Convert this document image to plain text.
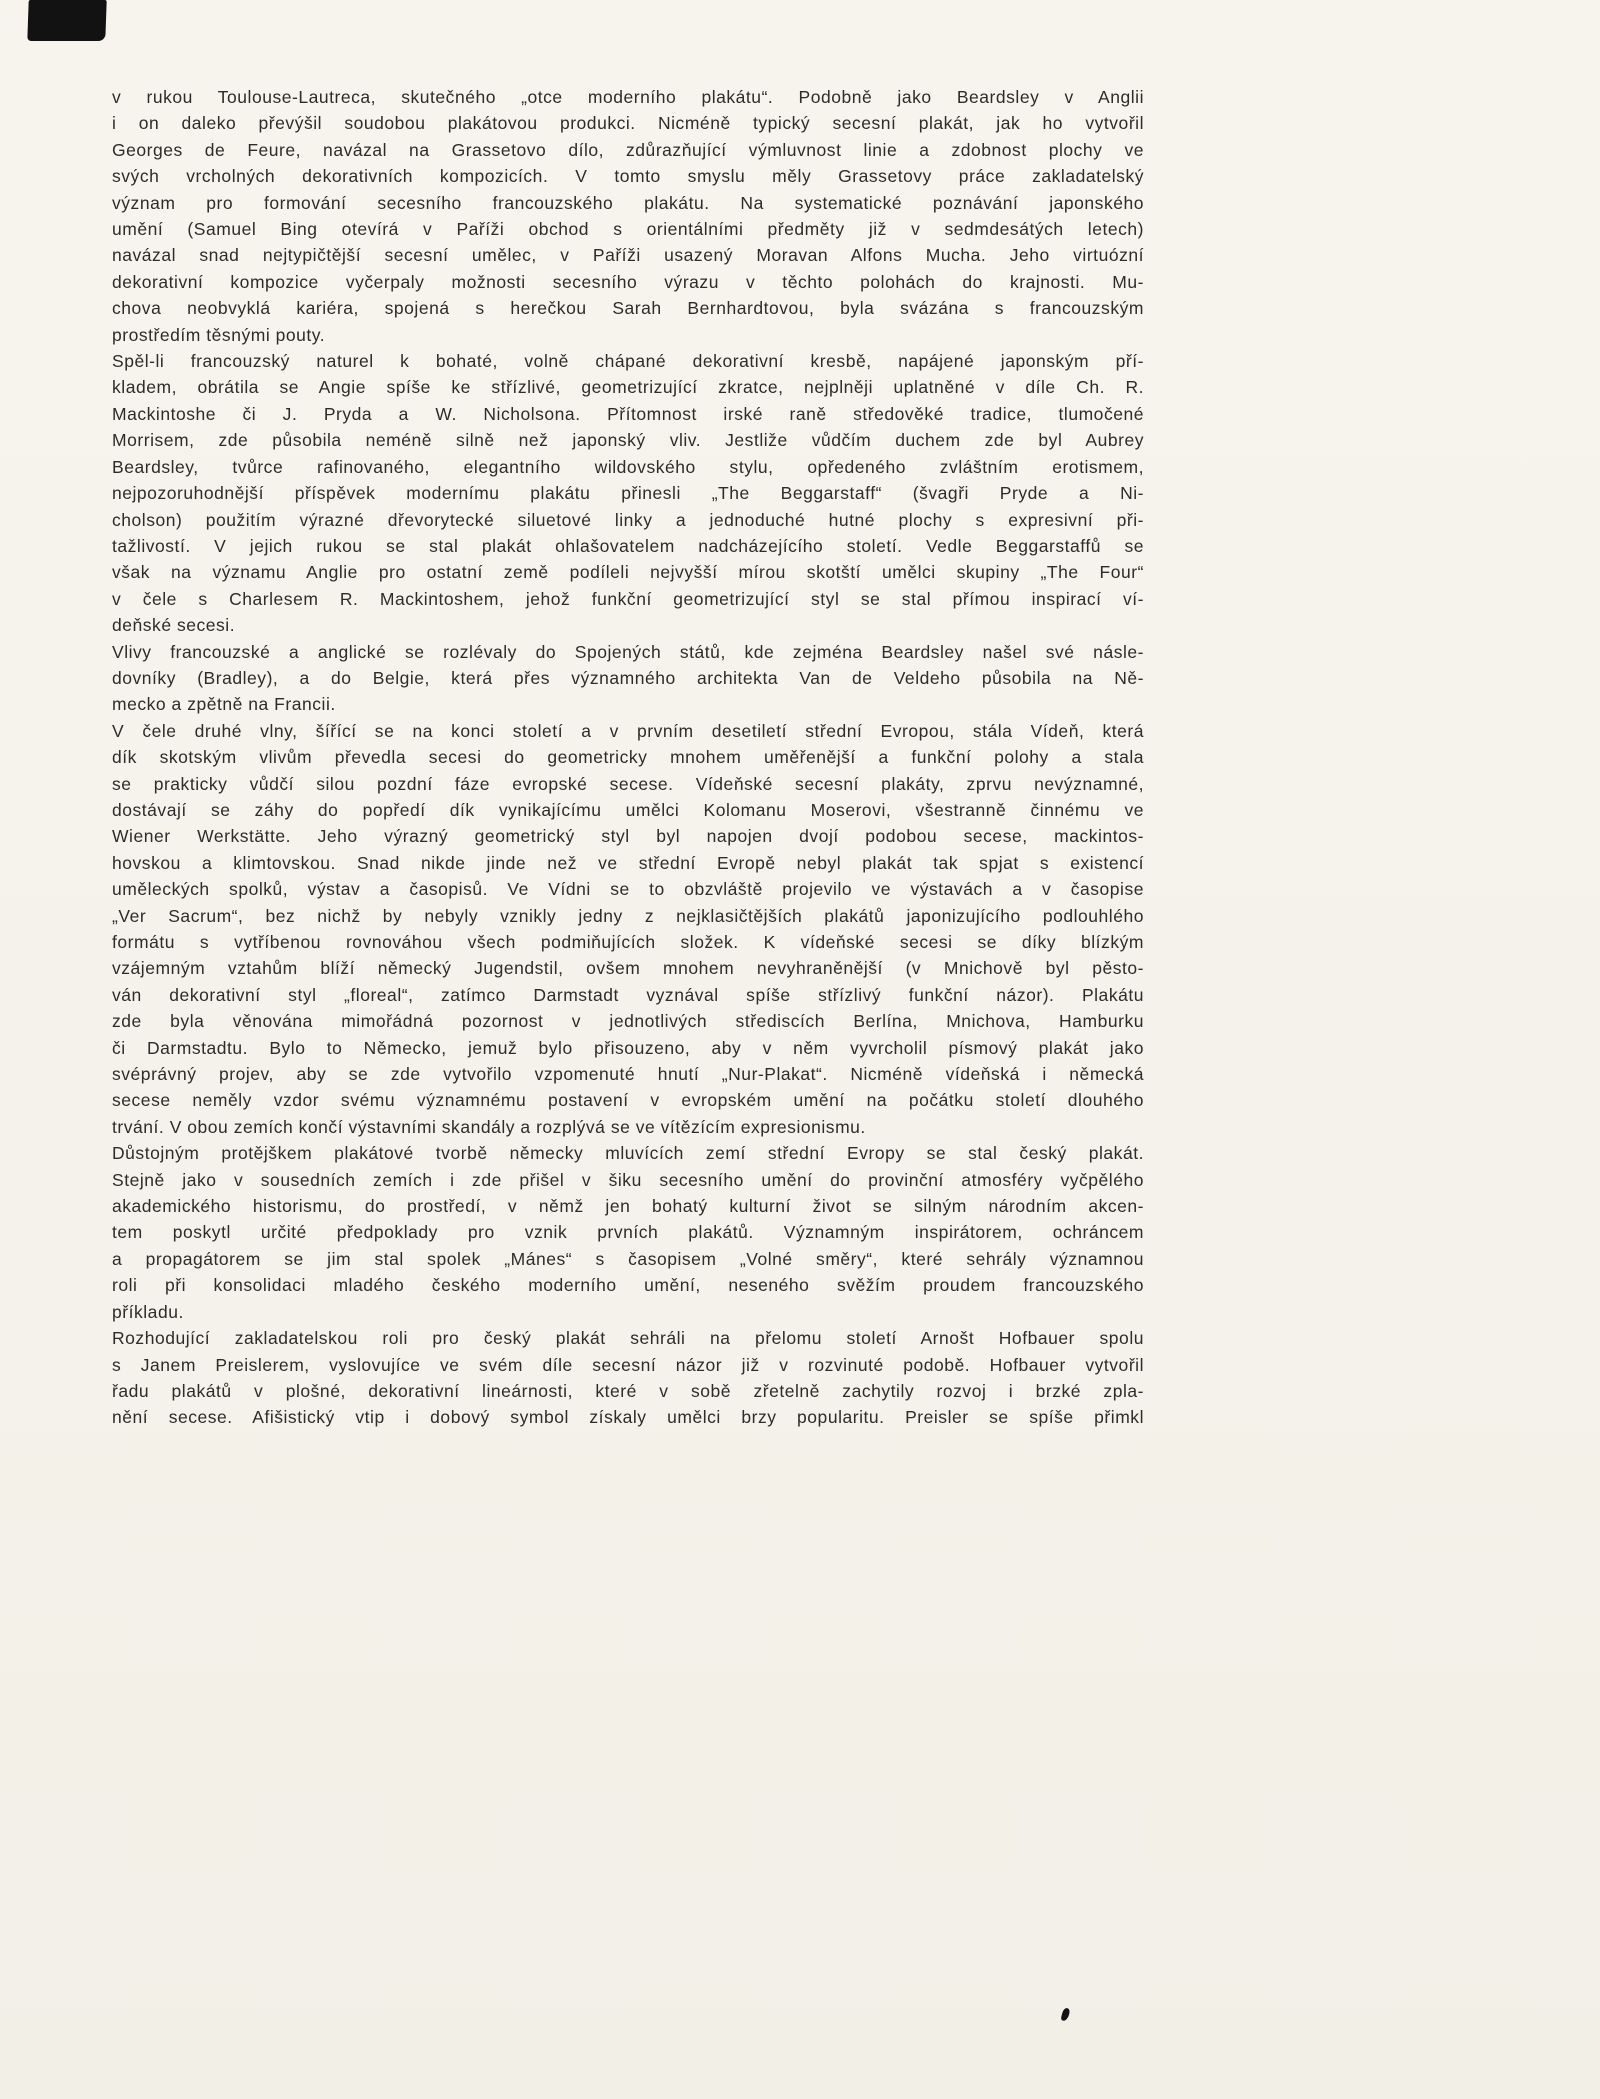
v rukou Toulouse-Lautreca, skutečného „otce moderního plakátu“. Podobně jako Beardsley v Anglii
i on daleko převýšil soudobou plakátovou produkci. Nicméně typický secesní plakát, jak ho vytvořil
Georges de Feure, navázal na Grassetovo dílo, zdůrazňující výmluvnost linie a zdobnost plochy ve
svých vrcholných dekorativních kompozicích. V tomto smyslu měly Grassetovy práce zakladatelský
význam pro formování secesního francouzského plakátu. Na systematické poznávání japonského
umění (Samuel Bing otevírá v Paříži obchod s orientálními předměty již v sedmdesátých letech)
navázal snad nejtypičtější secesní umělec, v Paříži usazený Moravan Alfons Mucha. Jeho virtuózní
dekorativní kompozice vyčerpaly možnosti secesního výrazu v těchto polohách do krajnosti. Mu-
chova neobvyklá kariéra, spojená s herečkou Sarah Bernhardtovou, byla svázána s francouzským
prostředím těsnými pouty.
Spěl-li francouzský naturel k bohaté, volně chápané dekorativní kresbě, napájené japonským pří-
kladem, obrátila se Angie spíše ke střízlivé, geometrizující zkratce, nejplněji uplatněné v díle Ch. R.
Mackintoshe či J. Pryda a W. Nicholsona. Přítomnost irské raně středověké tradice, tlumočené
Morrisem, zde působila neméně silně než japonský vliv. Jestliže vůdčím duchem zde byl Aubrey
Beardsley, tvůrce rafinovaného, elegantního wildovského stylu, opředeného zvláštním erotismem,
nejpozoruhodnější příspěvek modernímu plakátu přinesli „The Beggarstaff“ (švagři Pryde a Ni-
cholson) použitím výrazné dřevorytecké siluetové linky a jednoduché hutné plochy s expresivní při-
tažlivostí. V jejich rukou se stal plakát ohlašovatelem nadcházejícího století. Vedle Beggarstaffů se
však na významu Anglie pro ostatní země podíleli nejvyšší mírou skotští umělci skupiny „The Four“
v čele s Charlesem R. Mackintoshem, jehož funkční geometrizující styl se stal přímou inspirací ví-
deňské secesi.
Vlivy francouzské a anglické se rozlévaly do Spojených států, kde zejména Beardsley našel své násle-
dovníky (Bradley), a do Belgie, která přes významného architekta Van de Veldeho působila na Ně-
mecko a zpětně na Francii.
V čele druhé vlny, šířící se na konci století a v prvním desetiletí střední Evropou, stála Vídeň, která
dík skotským vlivům převedla secesi do geometricky mnohem uměřenější a funkční polohy a stala
se prakticky vůdčí silou pozdní fáze evropské secese. Vídeňské secesní plakáty, zprvu nevýznamné,
dostávají se záhy do popředí dík vynikajícímu umělci Kolomanu Moserovi, všestranně činnému ve
Wiener Werkstätte. Jeho výrazný geometrický styl byl napojen dvojí podobou secese, mackintos-
hovskou a klimtovskou. Snad nikde jinde než ve střední Evropě nebyl plakát tak spjat s existencí
uměleckých spolků, výstav a časopisů. Ve Vídni se to obzvláště projevilo ve výstavách a v časopise
„Ver Sacrum“, bez nichž by nebyly vznikly jedny z nejklasičtějších plakátů japonizujícího podlouhlého
formátu s vytříbenou rovnováhou všech podmiňujících složek. K vídeňské secesi se díky blízkým
vzájemným vztahům blíží německý Jugendstil, ovšem mnohem nevyhraněnější (v Mnichově byl pěsto-
ván dekorativní styl „floreal“, zatímco Darmstadt vyznával spíše střízlivý funkční názor). Plakátu
zde byla věnována mimořádná pozornost v jednotlivých střediscích Berlína, Mnichova, Hamburku
či Darmstadtu. Bylo to Německo, jemuž bylo přisouzeno, aby v něm vyvrcholil písmový plakát jako
svéprávný projev, aby se zde vytvořilo vzpomenuté hnutí „Nur-Plakat“. Nicméně vídeňská i německá
secese neměly vzdor svému významnému postavení v evropském umění na počátku století dlouhého
trvání. V obou zemích končí výstavními skandály a rozplývá se ve vítězícím expresionismu.
Důstojným protějškem plakátové tvorbě německy mluvících zemí střední Evropy se stal český plakát.
Stejně jako v sousedních zemích i zde přišel v šiku secesního umění do provinční atmosféry vyčpělého
akademického historismu, do prostředí, v němž jen bohatý kulturní život se silným národním akcen-
tem poskytl určité předpoklady pro vznik prvních plakátů. Významným inspirátorem, ochráncem
a propagátorem se jim stal spolek „Mánes“ s časopisem „Volné směry“, které sehrály významnou
roli při konsolidaci mladého českého moderního umění, neseného svěžím proudem francouzského
příkladu.
Rozhodující zakladatelskou roli pro český plakát sehráli na přelomu století Arnošt Hofbauer spolu
s Janem Preislerem, vyslovujíce ve svém díle secesní názor již v rozvinuté podobě. Hofbauer vytvořil
řadu plakátů v plošné, dekorativní lineárnosti, které v sobě zřetelně zachytily rozvoj i brzké zpla-
nění secese. Afišistický vtip i dobový symbol získaly umělci brzy popularitu. Preisler se spíše přimkl
